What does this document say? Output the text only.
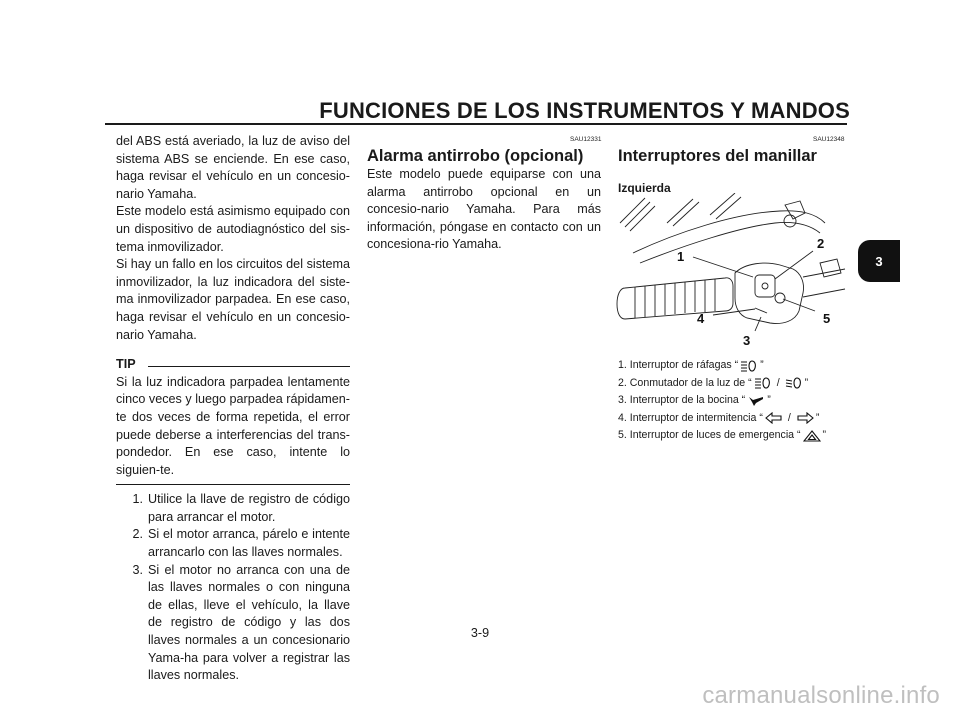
FUNCIONES DE LOS INSTRUMENTOS Y MANDOS
3

del ABS está averiado, la luz de aviso del sistema ABS se enciende. En ese caso, haga revisar el vehículo en un concesio-nario Yamaha.

Este modelo está asimismo equipado con un dispositivo de autodiagnóstico del sis-tema inmovilizador.

Si hay un fallo en los circuitos del sistema inmovilizador, la luz indicadora del siste-ma inmovilizador parpadea. En ese caso, haga revisar el vehículo en un concesio-nario Yamaha.

TIP

Si la luz indicadora parpadea lentamente cinco veces y luego parpadea rápidamen-te dos veces de forma repetida, el error puede deberse a interferencias del trans-pondedor. En ese caso, intente lo siguien-te.

1. Utilice la llave de registro de código para arrancar el motor.
2. Si el motor arranca, párelo e intente arrancarlo con las llaves normales.
3. Si el motor no arranca con una de las llaves normales o con ninguna de ellas, lleve el vehículo, la llave de registro de código y las dos llaves normales a un concesionario Yama-ha para volver a registrar las llaves normales.
SAU12331
Alarma antirrobo (opcional)

Este modelo puede equiparse con una alarma antirrobo opcional en un concesio-nario Yamaha. Para más información, póngase en contacto con un concesiona-rio Yamaha.

SAU12348
Interruptores del manillar
Izquierda
1
2
3
4	5
1. Interruptor de ráfagas “ ”
2. Conmutador de la luz de “ / ”
3. Interruptor de la bocina “ ”
4. Interruptor de intermitencia “ / ”
5. Interruptor de luces de emergencia “ ”
3-9
carmanualsonline.info
